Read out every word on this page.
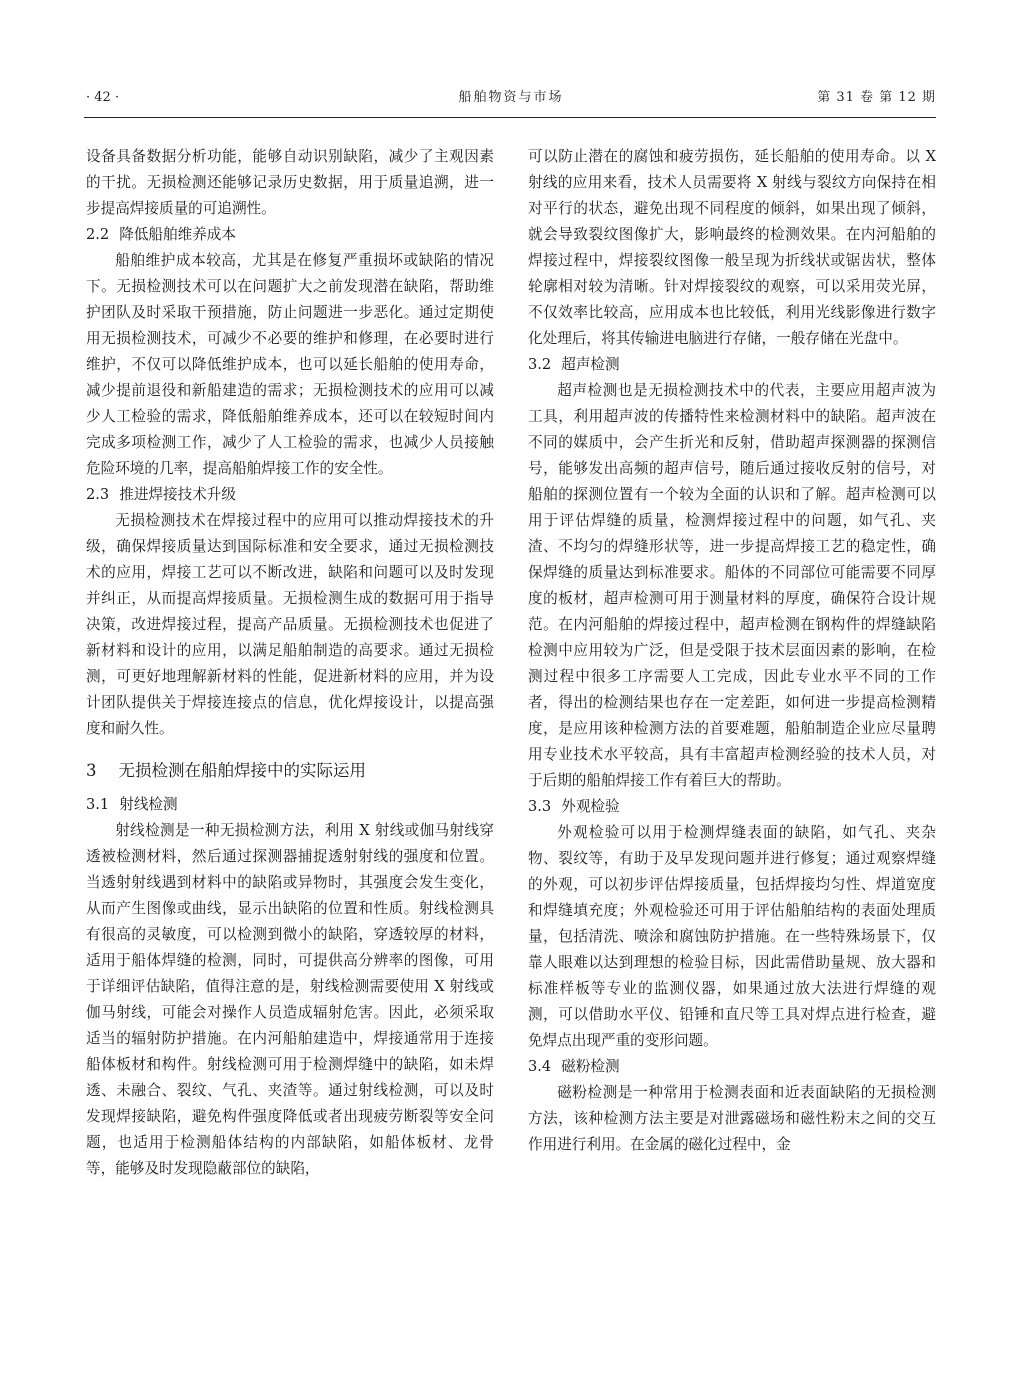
· 42 ·	船舶物资与市场	第 31 卷 第 12 期

设备具备数据分析功能，能够自动识别缺陷，减少了主观因素的干扰。无损检测还能够记录历史数据，用于质量追溯，进一步提高焊接质量的可追溯性。

2.2 降低船舶维养成本

船舶维护成本较高，尤其是在修复严重损坏或缺陷的情况下。无损检测技术可以在问题扩大之前发现潜在缺陷，帮助维护团队及时采取干预措施，防止问题进一步恶化。通过定期使用无损检测技术，可减少不必要的维护和修理，在必要时进行维护，不仅可以降低维护成本，也可以延长船舶的使用寿命，减少提前退役和新船建造的需求；无损检测技术的应用可以减少人工检验的需求，降低船舶维养成本，还可以在较短时间内完成多项检测工作，减少了人工检验的需求，也减少人员接触危险环境的几率，提高船舶焊接工作的安全性。

2.3 推进焊接技术升级

无损检测技术在焊接过程中的应用可以推动焊接技术的升级，确保焊接质量达到国际标准和安全要求，通过无损检测技术的应用，焊接工艺可以不断改进，缺陷和问题可以及时发现并纠正，从而提高焊接质量。无损检测生成的数据可用于指导决策，改进焊接过程，提高产品质量。无损检测技术也促进了新材料和设计的应用，以满足船舶制造的高要求。通过无损检测，可更好地理解新材料的性能，促进新材料的应用，并为设计团队提供关于焊接连接点的信息，优化焊接设计，以提高强度和耐久性。

3 无损检测在船舶焊接中的实际运用
3.1 射线检测

射线检测是一种无损检测方法，利用 X 射线或伽马射线穿透被检测材料，然后通过探测器捕捉透射射线的强度和位置。当透射射线遇到材料中的缺陷或异物时，其强度会发生变化，从而产生图像或曲线，显示出缺陷的位置和性质。射线检测具有很高的灵敏度，可以检测到微小的缺陷，穿透较厚的材料，适用于船体焊缝的检测，同时，可提供高分辨率的图像，可用于详细评估缺陷，值得注意的是，射线检测需要使用 X 射线或伽马射线，可能会对操作人员造成辐射危害。因此，必须采取适当的辐射防护措施。在内河船舶建造中，焊接通常用于连接船体板材和构件。射线检测可用于检测焊缝中的缺陷，如未焊透、未融合、裂纹、气孔、夹渣等。通过射线检测，可以及时发现焊接缺陷，避免构件强度降低或者出现疲劳断裂等安全问题，也适用于检测船体结构的内部缺陷，如船体板材、龙骨等，能够及时发现隐蔽部位的缺陷，

可以防止潜在的腐蚀和疲劳损伤，延长船舶的使用寿命。以 X 射线的应用来看，技术人员需要将 X 射线与裂纹方向保持在相对平行的状态，避免出现不同程度的倾斜，如果出现了倾斜，就会导致裂纹图像扩大，影响最终的检测效果。在内河船舶的焊接过程中，焊接裂纹图像一般呈现为折线状或锯齿状，整体轮廓相对较为清晰。针对焊接裂纹的观察，可以采用荧光屏，不仅效率比较高，应用成本也比较低，利用光线影像进行数字化处理后，将其传输进电脑进行存储，一般存储在光盘中。

3.2 超声检测

超声检测也是无损检测技术中的代表，主要应用超声波为工具，利用超声波的传播特性来检测材料中的缺陷。超声波在不同的媒质中，会产生折光和反射，借助超声探测器的探测信号，能够发出高频的超声信号，随后通过接收反射的信号，对船舶的探测位置有一个较为全面的认识和了解。超声检测可以用于评估焊缝的质量，检测焊接过程中的问题，如气孔、夹渣、不均匀的焊缝形状等，进一步提高焊接工艺的稳定性，确保焊缝的质量达到标准要求。船体的不同部位可能需要不同厚度的板材，超声检测可用于测量材料的厚度，确保符合设计规范。在内河船舶的焊接过程中，超声检测在钢构件的焊缝缺陷检测中应用较为广泛，但是受限于技术层面因素的影响，在检测过程中很多工序需要人工完成，因此专业水平不同的工作者，得出的检测结果也存在一定差距，如何进一步提高检测精度，是应用该种检测方法的首要难题，船舶制造企业应尽量聘用专业技术水平较高，具有丰富超声检测经验的技术人员，对于后期的船舶焊接工作有着巨大的帮助。

3.3 外观检验

外观检验可以用于检测焊缝表面的缺陷，如气孔、夹杂物、裂纹等，有助于及早发现问题并进行修复；通过观察焊缝的外观，可以初步评估焊接质量，包括焊接均匀性、焊道宽度和焊缝填充度；外观检验还可用于评估船舶结构的表面处理质量，包括清洗、喷涂和腐蚀防护措施。在一些特殊场景下，仅靠人眼难以达到理想的检验目标，因此需借助量规、放大器和标准样板等专业的监测仪器，如果通过放大法进行焊缝的观测，可以借助水平仪、铅锤和直尺等工具对焊点进行检查，避免焊点出现严重的变形问题。

3.4 磁粉检测

磁粉检测是一种常用于检测表面和近表面缺陷的无损检测方法，该种检测方法主要是对泄露磁场和磁性粉末之间的交互作用进行利用。在金属的磁化过程中，金
